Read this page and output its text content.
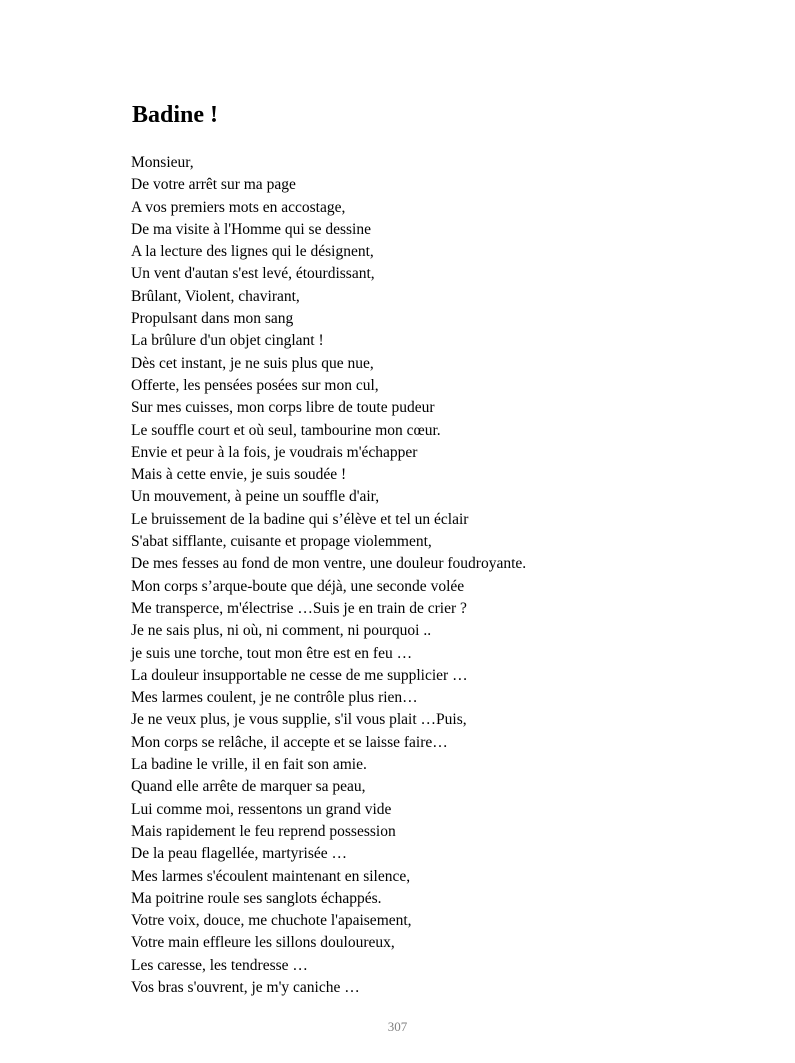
Badine !
Monsieur,
De votre arrêt sur ma page
A vos premiers mots en accostage,
De ma visite à l'Homme qui se dessine
A la lecture des lignes qui le désignent,
Un vent d'autan s'est levé, étourdissant,
Brûlant, Violent, chavirant,
Propulsant dans mon sang
La brûlure d'un objet cinglant !
Dès cet instant, je ne suis plus que nue,
Offerte, les pensées posées sur mon cul,
Sur mes cuisses, mon corps libre de toute pudeur
Le souffle court et où seul, tambourine mon cœur.
Envie et peur à la fois, je voudrais m'échapper
Mais à cette envie, je suis soudée !
Un mouvement, à peine un souffle d'air,
Le bruissement de la badine qui s’élève et tel un éclair
S'abat sifflante, cuisante et propage violemment,
De mes fesses au fond de mon ventre, une douleur foudroyante.
Mon corps s’arque-boute que déjà, une seconde volée
Me transperce, m'électrise …Suis je en train de crier ?
Je ne sais plus, ni où, ni comment, ni pourquoi ..
je suis une torche, tout mon être est en feu …
La douleur insupportable ne cesse de me supplicier …
Mes larmes coulent, je ne contrôle plus rien…
Je ne veux plus, je vous supplie, s'il vous plait …Puis,
Mon corps se relâche, il accepte et se laisse faire…
La badine le vrille, il en fait son amie.
Quand elle arrête de marquer sa peau,
Lui comme moi, ressentons un grand vide
Mais rapidement le feu reprend possession
De la peau flagellée, martyrisée …
Mes larmes s'écoulent maintenant en silence,
Ma poitrine roule ses sanglots échappés.
Votre voix, douce, me chuchote l'apaisement,
Votre main effleure les sillons douloureux,
Les caresse, les tendresse …
Vos bras s'ouvrent, je m'y caniche …
307
